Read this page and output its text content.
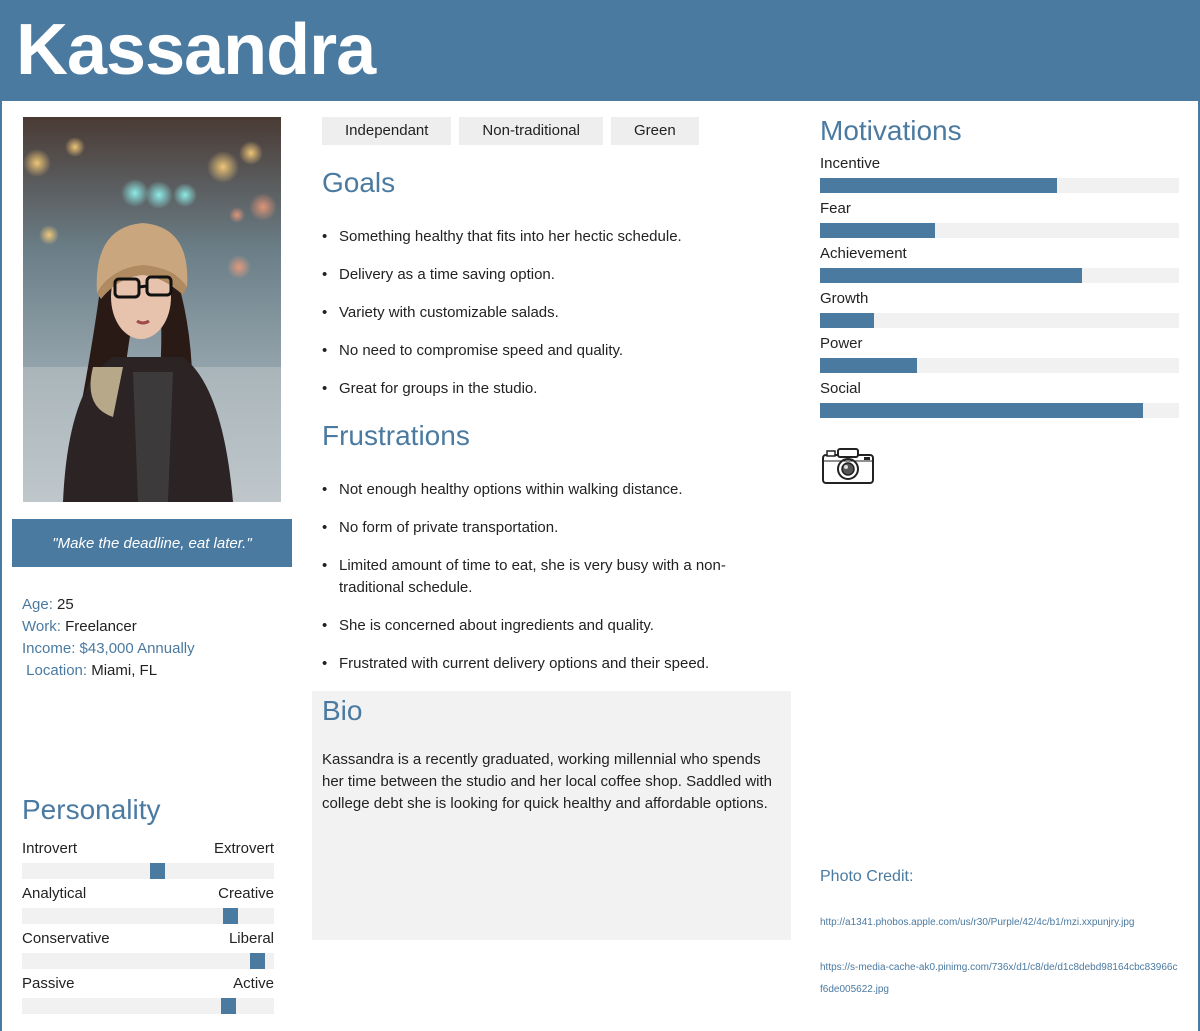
Kassandra
"Make the deadline, eat later."
Age: 25
Work: Freelancer
Income: $43,000 Annually
Location: Miami, FL
Personality
Introvert	Extrovert
Analytical	Creative
Conservative	Liberal
Passive	Active
Independant	Non-traditional	Green
Goals
• Something healthy that fits into her hectic schedule.
• Delivery as a time saving option.
• Variety with customizable salads.
• No need to compromise speed and quality.
• Great for groups in the studio.
Frustrations
• Not enough healthy options within walking distance.
• No form of private transportation.
• Limited amount of time to eat, she is very busy with a non-traditional schedule.
• She is concerned about ingredients and quality.
• Frustrated with current delivery options and their speed.
Bio

Kassandra is a recently graduated, working millennial who spends her time between the studio and her local coffee shop. Saddled with college debt she is looking for quick healthy and affordable options.

Motivations
Incentive
Fear
Achievement
Growth
Power
Social
Photo Credit:
http://a1341.phobos.apple.com/us/r30/Purple/42/4c/b1/mzi.xxpunjry.jpg
https://s-media-cache-ak0.pinimg.com/736x/d1/c8/de/d1c8debd98164cbc83966cf6de005622.jpg
